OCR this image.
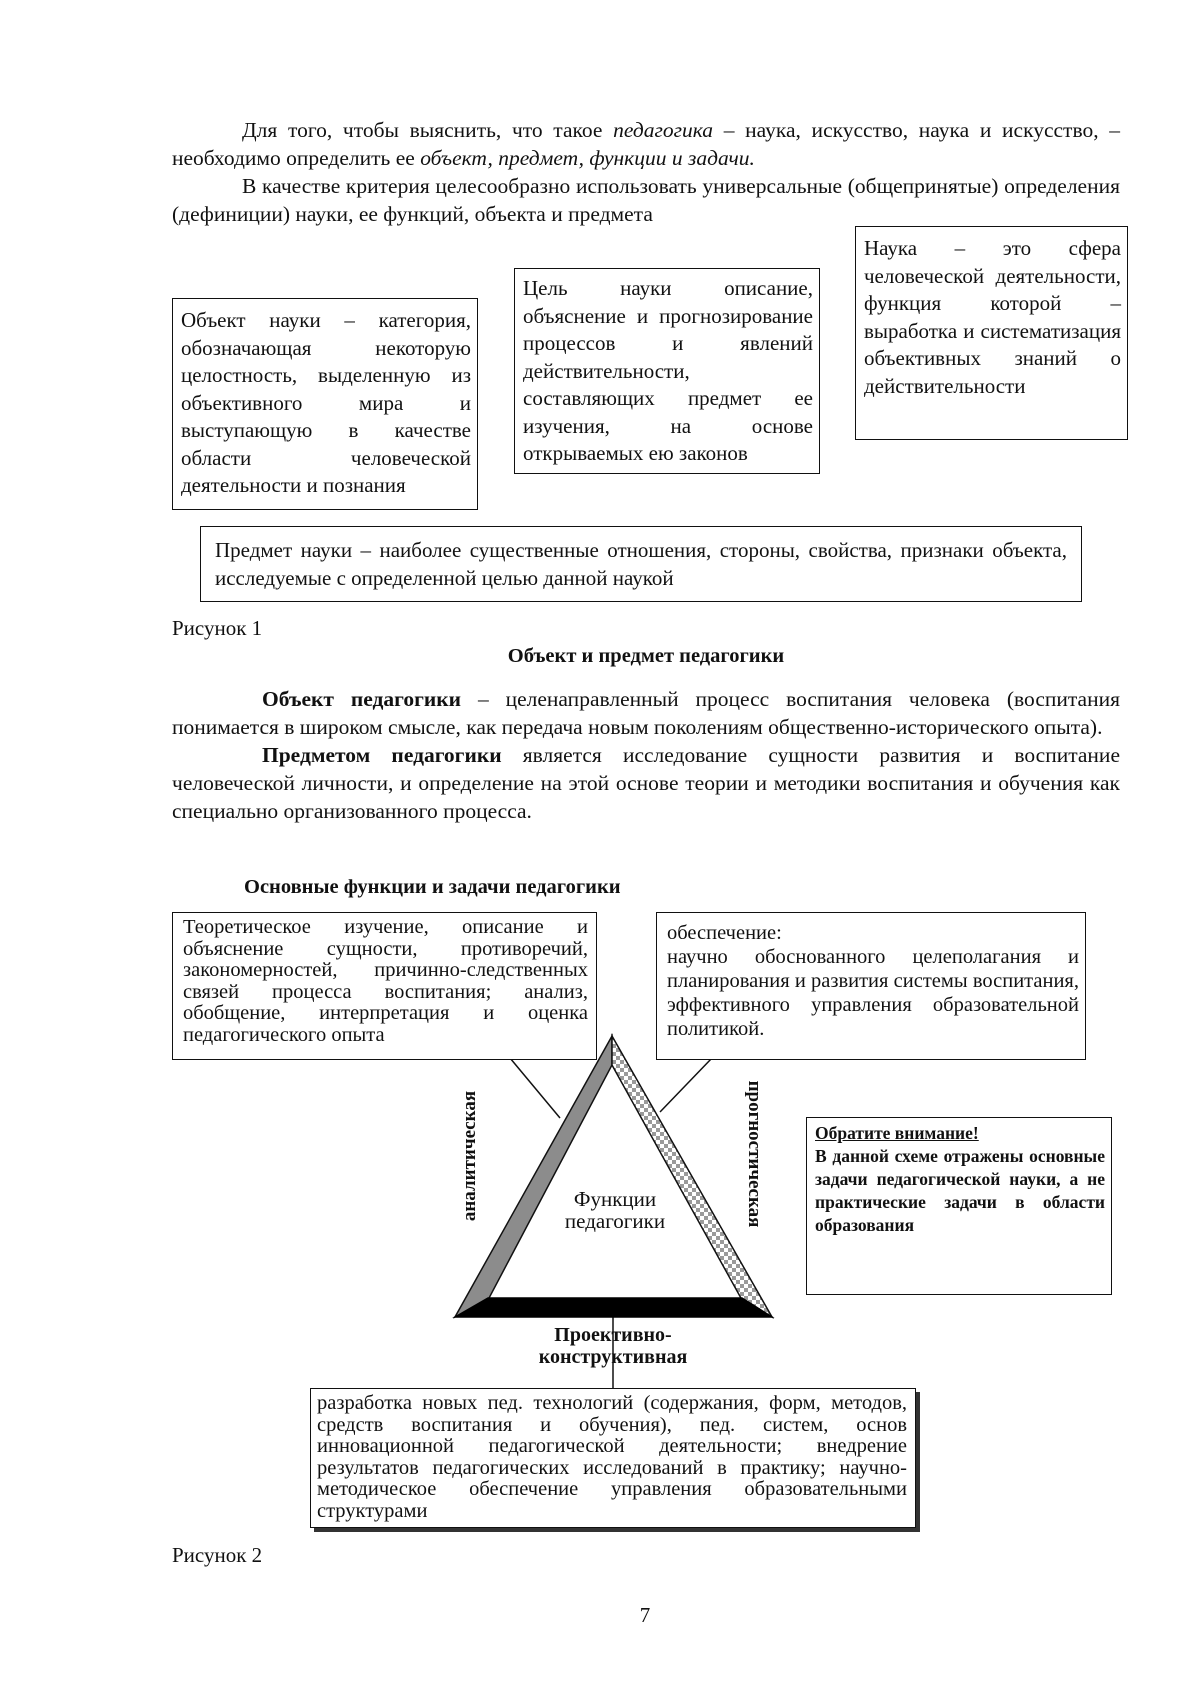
Для того, чтобы выяснить, что такое педагогика – наука, искусство, наука и искусство, – необходимо определить ее объект, предмет, функции и задачи.

В качестве критерия целесообразно использовать универсальные (общепринятые) определения (дефиниции) науки, ее функций, объекта и предмета

Наука – это сфера человеческой деятельности, функция которой – выработка и систематизация объективных знаний о действительности
Цель науки описание, объяснение и прогнозирование процессов и явлений действительности, составляющих предмет ее изучения, на основе открываемых ею законов
Объект науки – категория, обозначающая некоторую целостность, выделенную из объективного мира и выступающую в качестве области человеческой деятельности и познания
Предмет науки – наиболее существенные отношения, стороны, свойства, признаки объекта, исследуемые с определенной целью данной наукой
Рисунок 1
Объект и предмет педагогики

Объект педагогики – целенаправленный процесс воспитания человека (воспитания понимается в широком смысле, как передача новым поколениям общественно-исторического опыта).

Предметом педагогики является исследование сущности развития и воспитание человеческой личности, и определение на этой основе теории и методики воспитания и обучения как специально организованного процесса.

Основные функции и задачи педагогики
Теоретическое изучение, описание и объяснение сущности, противоречий, закономерностей, причинно-следственных связей процесса воспитания; анализ, обобщение, интерпретация и оценка педагогического опыта
обеспечение:
научно обоснованного целеполагания и планирования и развития системы воспитания, эффективного управления образовательной политикой.
аналитическая	прогностичеcкая
Функции
педагогики
Проективно-
конструктивная
Обратите внимание!
В данной схеме отражены основные задачи педагогической науки, а не практические задачи в области образования
разработка новых пед. технологий (содержания, форм, методов, средств воспитания и обучения), пед. систем, основ инновационной педагогической деятельности; внедрение результатов педагогических исследований в практику; научно-методическое обеспечение управления образовательными структурами
Рисунок 2
7
